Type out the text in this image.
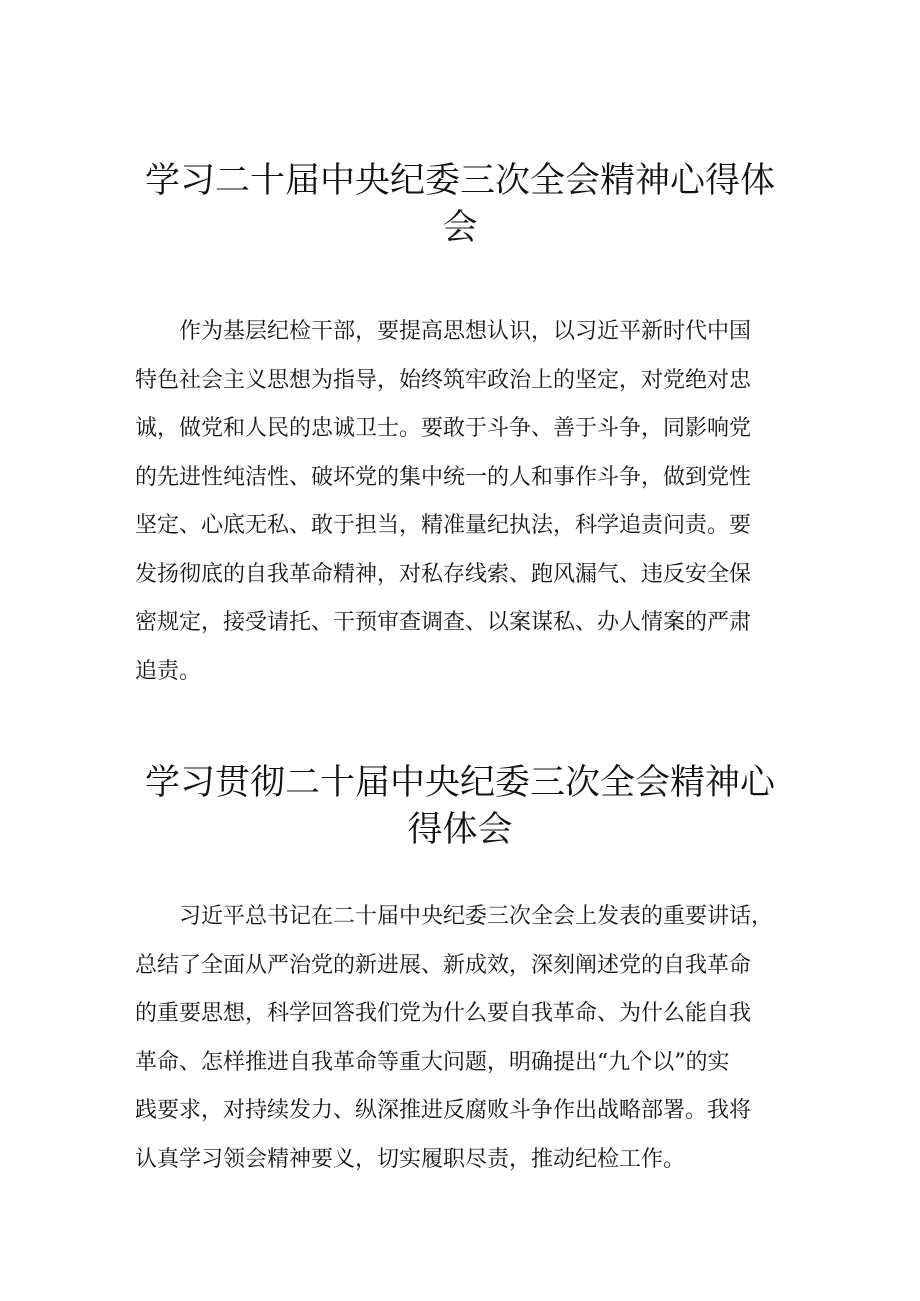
学习二十届中央纪委三次全会精神心得体
会
作为基层纪检干部，要提高思想认识，以习近平新时代中国
特色社会主义思想为指导，始终筑牢政治上的坚定，对党绝对忠
诚，做党和人民的忠诚卫士。要敢于斗争、善于斗争，同影响党
的先进性纯洁性、破坏党的集中统一的人和事作斗争，做到党性
坚定、心底无私、敢于担当，精准量纪执法，科学追责问责。要
发扬彻底的自我革命精神，对私存线索、跑风漏气、违反安全保
密规定，接受请托、干预审查调查、以案谋私、办人情案的严肃
追责。
学习贯彻二十届中央纪委三次全会精神心
得体会
习近平总书记在二十届中央纪委三次全会上发表的重要讲话，
总结了全面从严治党的新进展、新成效，深刻阐述党的自我革命
的重要思想，科学回答我们党为什么要自我革命、为什么能自我
革命、怎样推进自我革命等重大问题，明确提出“九个以”的实
践要求，对持续发力、纵深推进反腐败斗争作出战略部署。我将
认真学习领会精神要义，切实履职尽责，推动纪检工作。
